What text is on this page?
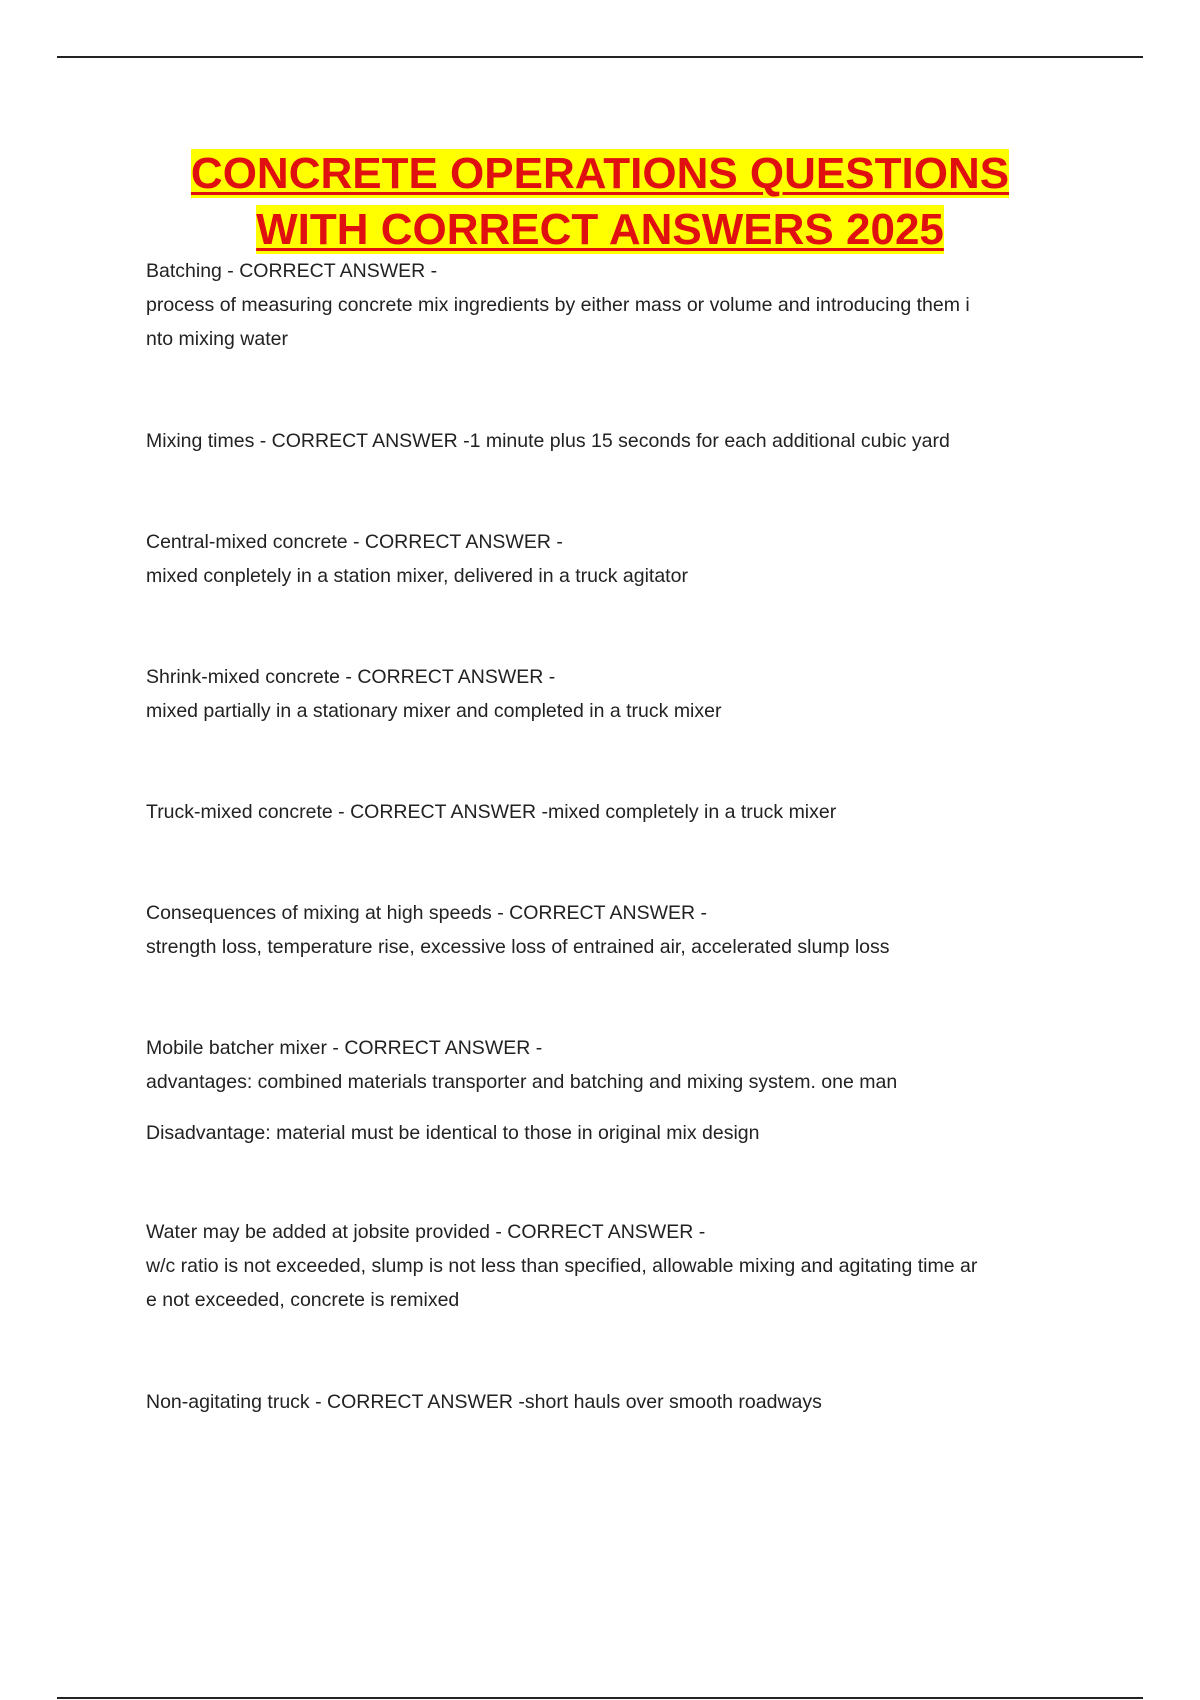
CONCRETE OPERATIONS QUESTIONS
WITH CORRECT ANSWERS 2025
Batching - CORRECT ANSWER -
process of measuring concrete mix ingredients by either mass or volume and introducing them i
nto mixing water
Mixing times - CORRECT ANSWER -1 minute plus 15 seconds for each additional cubic yard
Central-mixed concrete - CORRECT ANSWER -
mixed conpletely in a station mixer, delivered in a truck agitator
Shrink-mixed concrete - CORRECT ANSWER -
mixed partially in a stationary mixer and completed in a truck mixer
Truck-mixed concrete - CORRECT ANSWER -mixed completely in a truck mixer
Consequences of mixing at high speeds - CORRECT ANSWER -
strength loss, temperature rise, excessive loss of entrained air, accelerated slump loss
Mobile batcher mixer - CORRECT ANSWER -
advantages: combined materials transporter and batching and mixing system. one man
Disadvantage: material must be identical to those in original mix design
Water may be added at jobsite provided - CORRECT ANSWER -
w/c ratio is not exceeded, slump is not less than specified, allowable mixing and agitating time ar
e not exceeded, concrete is remixed
Non-agitating truck - CORRECT ANSWER -short hauls over smooth roadways
